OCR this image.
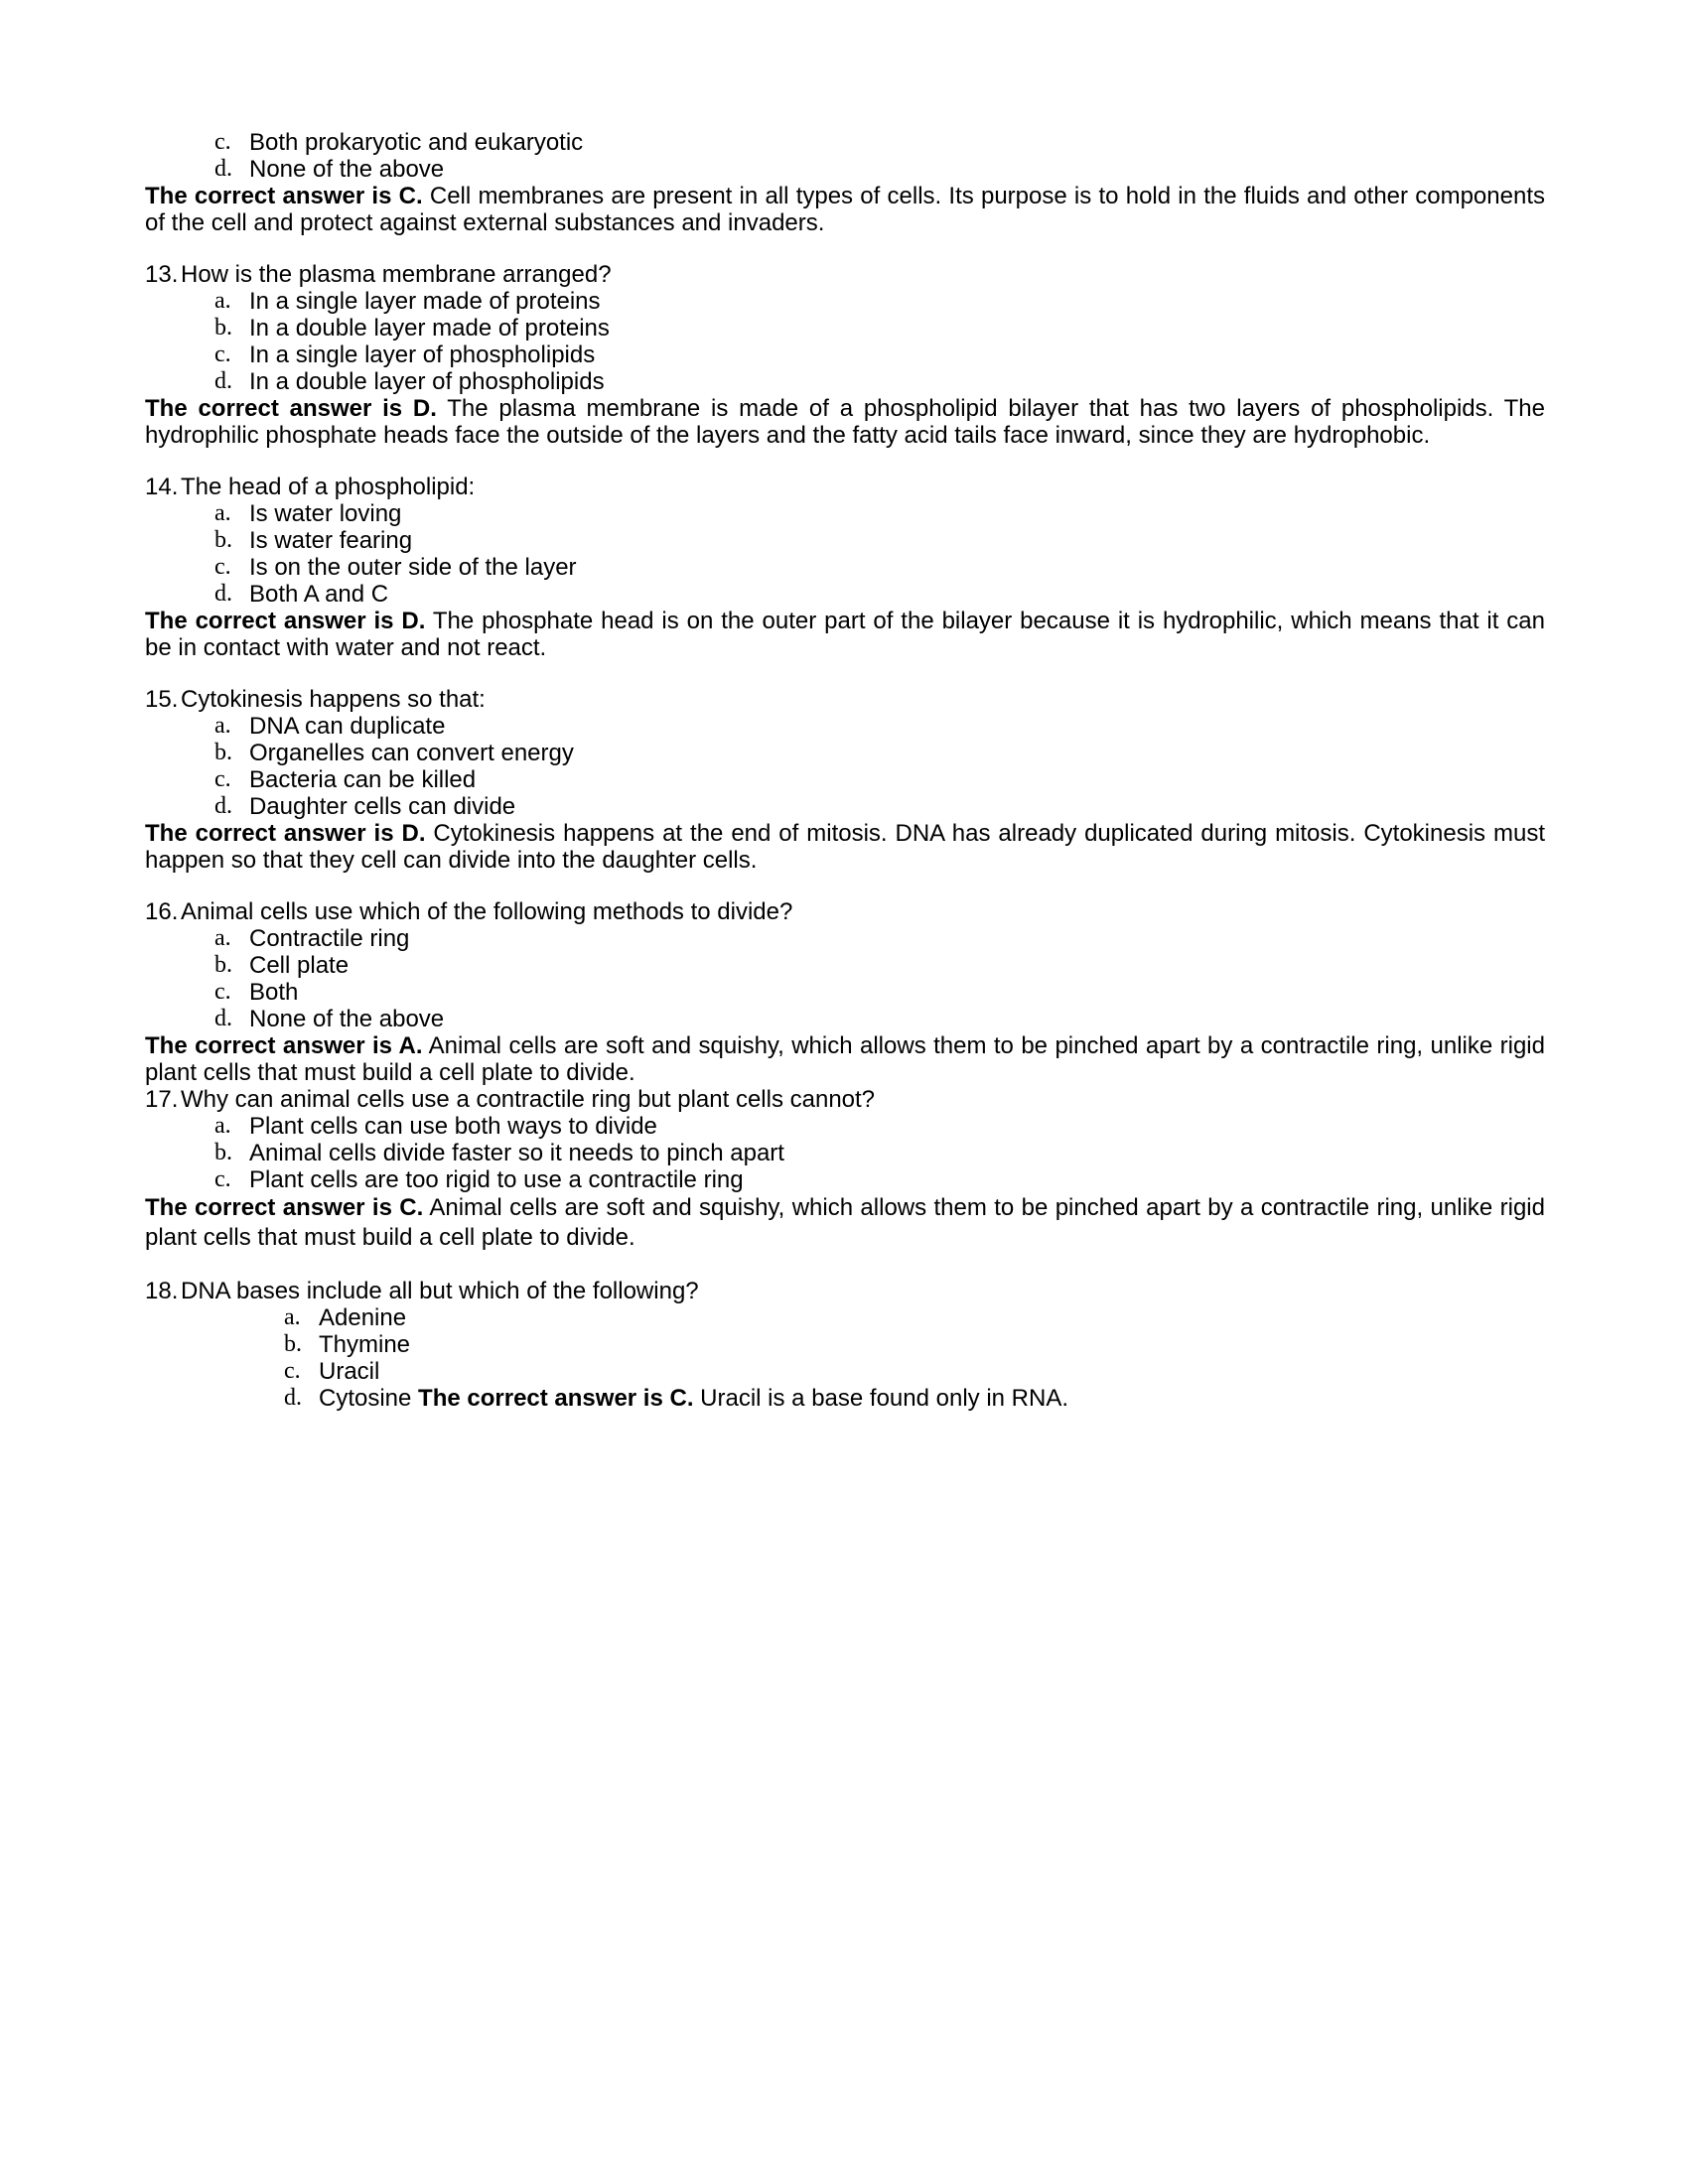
c. Both prokaryotic and eukaryotic
d. None of the above

The correct answer is C. Cell membranes are present in all types of cells. Its purpose is to hold in the fluids and other components of the cell and protect against external substances and invaders.

13. How is the plasma membrane arranged?
a. In a single layer made of proteins
b. In a double layer made of proteins
c. In a single layer of phospholipids
d. In a double layer of phospholipids

The correct answer is D. The plasma membrane is made of a phospholipid bilayer that has two layers of phospholipids. The hydrophilic phosphate heads face the outside of the layers and the fatty acid tails face inward, since they are hydrophobic.

14. The head of a phospholipid:
a. Is water loving
b. Is water fearing
c. Is on the outer side of the layer
d. Both A and C

The correct answer is D. The phosphate head is on the outer part of the bilayer because it is hydrophilic, which means that it can be in contact with water and not react.

15. Cytokinesis happens so that:
a. DNA can duplicate
b. Organelles can convert energy
c. Bacteria can be killed
d. Daughter cells can divide

The correct answer is D. Cytokinesis happens at the end of mitosis. DNA has already duplicated during mitosis. Cytokinesis must happen so that they cell can divide into the daughter cells.

16. Animal cells use which of the following methods to divide?
a. Contractile ring
b. Cell plate
c. Both
d. None of the above

The correct answer is A. Animal cells are soft and squishy, which allows them to be pinched apart by a contractile ring, unlike rigid plant cells that must build a cell plate to divide.

17. Why can animal cells use a contractile ring but plant cells cannot?
a. Plant cells can use both ways to divide
b. Animal cells divide faster so it needs to pinch apart
c. Plant cells are too rigid to use a contractile ring

The correct answer is C. Animal cells are soft and squishy, which allows them to be pinched apart by a contractile ring, unlike rigid plant cells that must build a cell plate to divide.

18. DNA bases include all but which of the following?
a. Adenine
b. Thymine
c. Uracil
d. Cytosine The correct answer is C. Uracil is a base found only in RNA.
